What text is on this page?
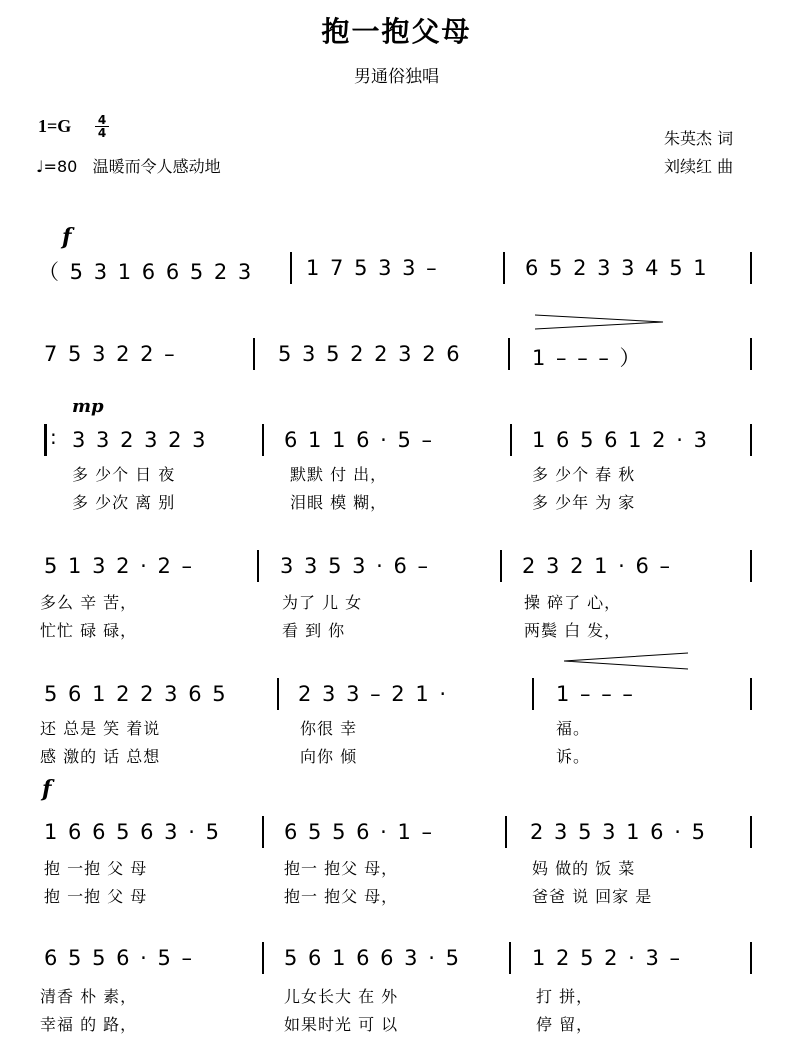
抱一抱父母
男通俗独唱
1=G 4
4
♩=80 温暖而令人感动地
朱英杰 词
刘续红 曲
f
（ 5 3 1 6 6 5 2 3	1 7 5 3 3 –	6 5 2 3 3 4 5 1
7 5 3 2 2 –	5 3 5 2 2 3 2 6	1 – – – ）
mp
: 3 3 2 3 2 3	6 1 1 6 · 5 –	1 6 5 6 1 2 · 3
多 少个 日 夜	默默 付 出，	多 少个 春 秋
多 少次 离 别	泪眼 模 糊，	多 少年 为 家
5 1 3 2 · 2 –	3 3 5 3 · 6 –	2 3 2 1 · 6 –
多么 辛 苦，	为了 儿 女	操 碎了 心，
忙忙 碌 碌，	看 到 你	两鬓 白 发，
5 6 1 2 2 3 6 5	2 3 3 – 2 1 ·	1 – – –
还 总是 笑 着说	你很 幸	福。
感 激的 话 总想	向你 倾	诉。
f
1 6 6 5 6 3 · 5	6 5 5 6 · 1 –	2 3 5 3 1 6 · 5
抱 一抱 父 母	抱一 抱父 母，	妈 做的 饭 菜
抱 一抱 父 母	抱一 抱父 母，	爸爸 说 回家 是
6 5 5 6 · 5 –	5 6 1 6 6 3 · 5	1 2 5 2 · 3 –
清香 朴 素，	儿女长大 在 外	打 拼，
幸福 的 路，	如果时光 可 以	停 留，
